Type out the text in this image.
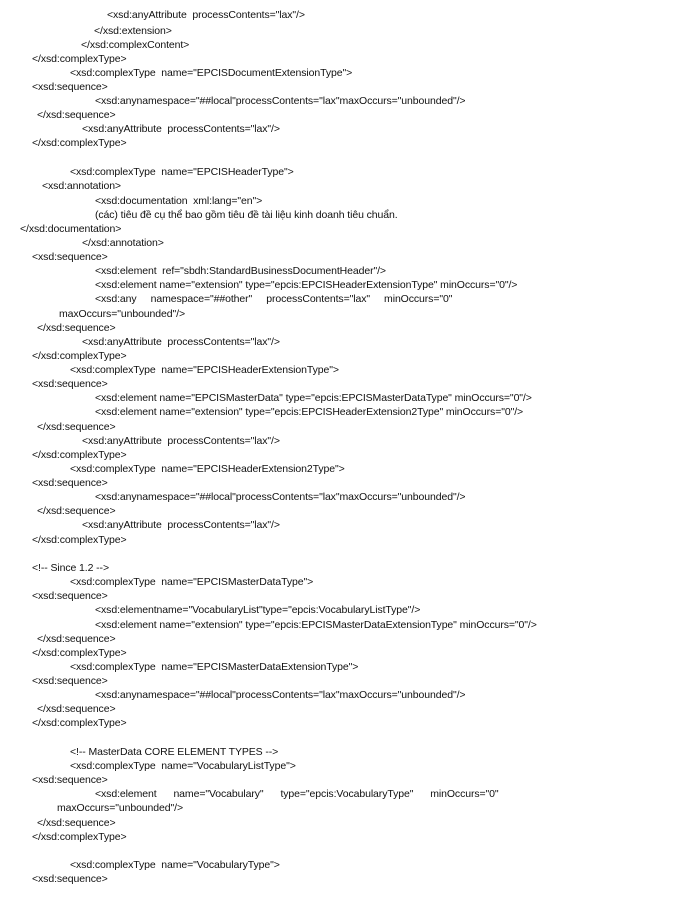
<xsd:anyAttribute  processContents="lax"/>
</xsd:extension>
</xsd:complexContent>
</xsd:complexType>
<xsd:complexType  name="EPCISDocumentExtensionType">
<xsd:sequence>
<xsd:anynamespace="##local"processContents="lax"maxOccurs="unbounded"/>
</xsd:sequence>
<xsd:anyAttribute  processContents="lax"/>
</xsd:complexType>
<xsd:complexType  name="EPCISHeaderType">
<xsd:annotation>
<xsd:documentation  xml:lang="en">
(các) tiêu đề cụ thể bao gồm tiêu đề tài liệu kinh doanh tiêu chuẩn.
</xsd:documentation>
</xsd:annotation>
<xsd:sequence>
<xsd:element  ref="sbdh:StandardBusinessDocumentHeader"/>
<xsd:element name="extension" type="epcis:EPCISHeaderExtensionType" minOccurs="0"/>
<xsd:any     namespace="##other"     processContents="lax"     minOccurs="0"
maxOccurs="unbounded"/>
</xsd:sequence>
<xsd:anyAttribute  processContents="lax"/>
</xsd:complexType>
<xsd:complexType  name="EPCISHeaderExtensionType">
<xsd:sequence>
<xsd:element name="EPCISMasterData" type="epcis:EPCISMasterDataType" minOccurs="0"/>
<xsd:element name="extension" type="epcis:EPCISHeaderExtension2Type" minOccurs="0"/>
</xsd:sequence>
<xsd:anyAttribute  processContents="lax"/>
</xsd:complexType>
<xsd:complexType  name="EPCISHeaderExtension2Type">
<xsd:sequence>
<xsd:anynamespace="##local"processContents="lax"maxOccurs="unbounded"/>
</xsd:sequence>
<xsd:anyAttribute  processContents="lax"/>
</xsd:complexType>
<!-- Since 1.2 -->
<xsd:complexType  name="EPCISMasterDataType">
<xsd:sequence>
<xsd:elementname="VocabularyList"type="epcis:VocabularyListType"/>
<xsd:element name="extension" type="epcis:EPCISMasterDataExtensionType" minOccurs="0"/>
</xsd:sequence>
</xsd:complexType>
<xsd:complexType  name="EPCISMasterDataExtensionType">
<xsd:sequence>
<xsd:anynamespace="##local"processContents="lax"maxOccurs="unbounded"/>
</xsd:sequence>
</xsd:complexType>
<!-- MasterData CORE ELEMENT TYPES -->
<xsd:complexType  name="VocabularyListType">
<xsd:sequence>
<xsd:element      name="Vocabulary"      type="epcis:VocabularyType"      minOccurs="0"
maxOccurs="unbounded"/>
</xsd:sequence>
</xsd:complexType>
<xsd:complexType  name="VocabularyType">
<xsd:sequence>
